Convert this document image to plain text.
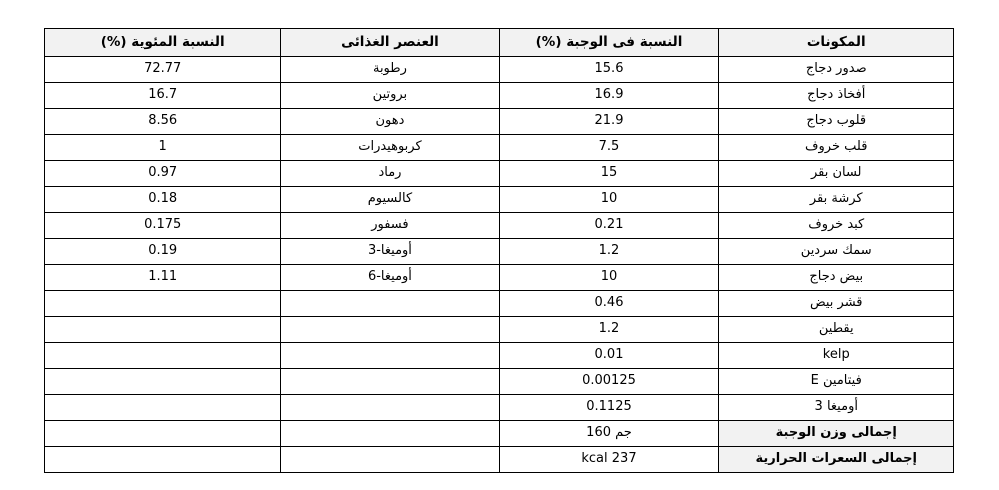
المكونات	النسبة فى الوجبة (%)	العنصر الغذائى	النسبة المئوية (%)
صدور دجاج	15.6	رطوبة	72.77
أفخاذ دجاج	16.9	بروتين	16.7
قلوب دجاج	21.9	دهون	8.56
قلب خروف	7.5	كربوهيدرات	1
لسان بقر	15	رماد	0.97
كرشة بقر	10	كالسيوم	0.18
كبد خروف	0.21	فسفور	0.175
سمك سردين	1.2	أوميغا-3	0.19
بيض دجاج	10	أوميغا-6	1.11
قشر بيض	0.46		
يقطين	1.2		
kelp	0.01		
فيتامين E	0.00125		
أوميغا 3	0.1125		
إجمالى وزن الوجبة	جم 160		
إجمالى السعرات الحرارية	237 kcal		
